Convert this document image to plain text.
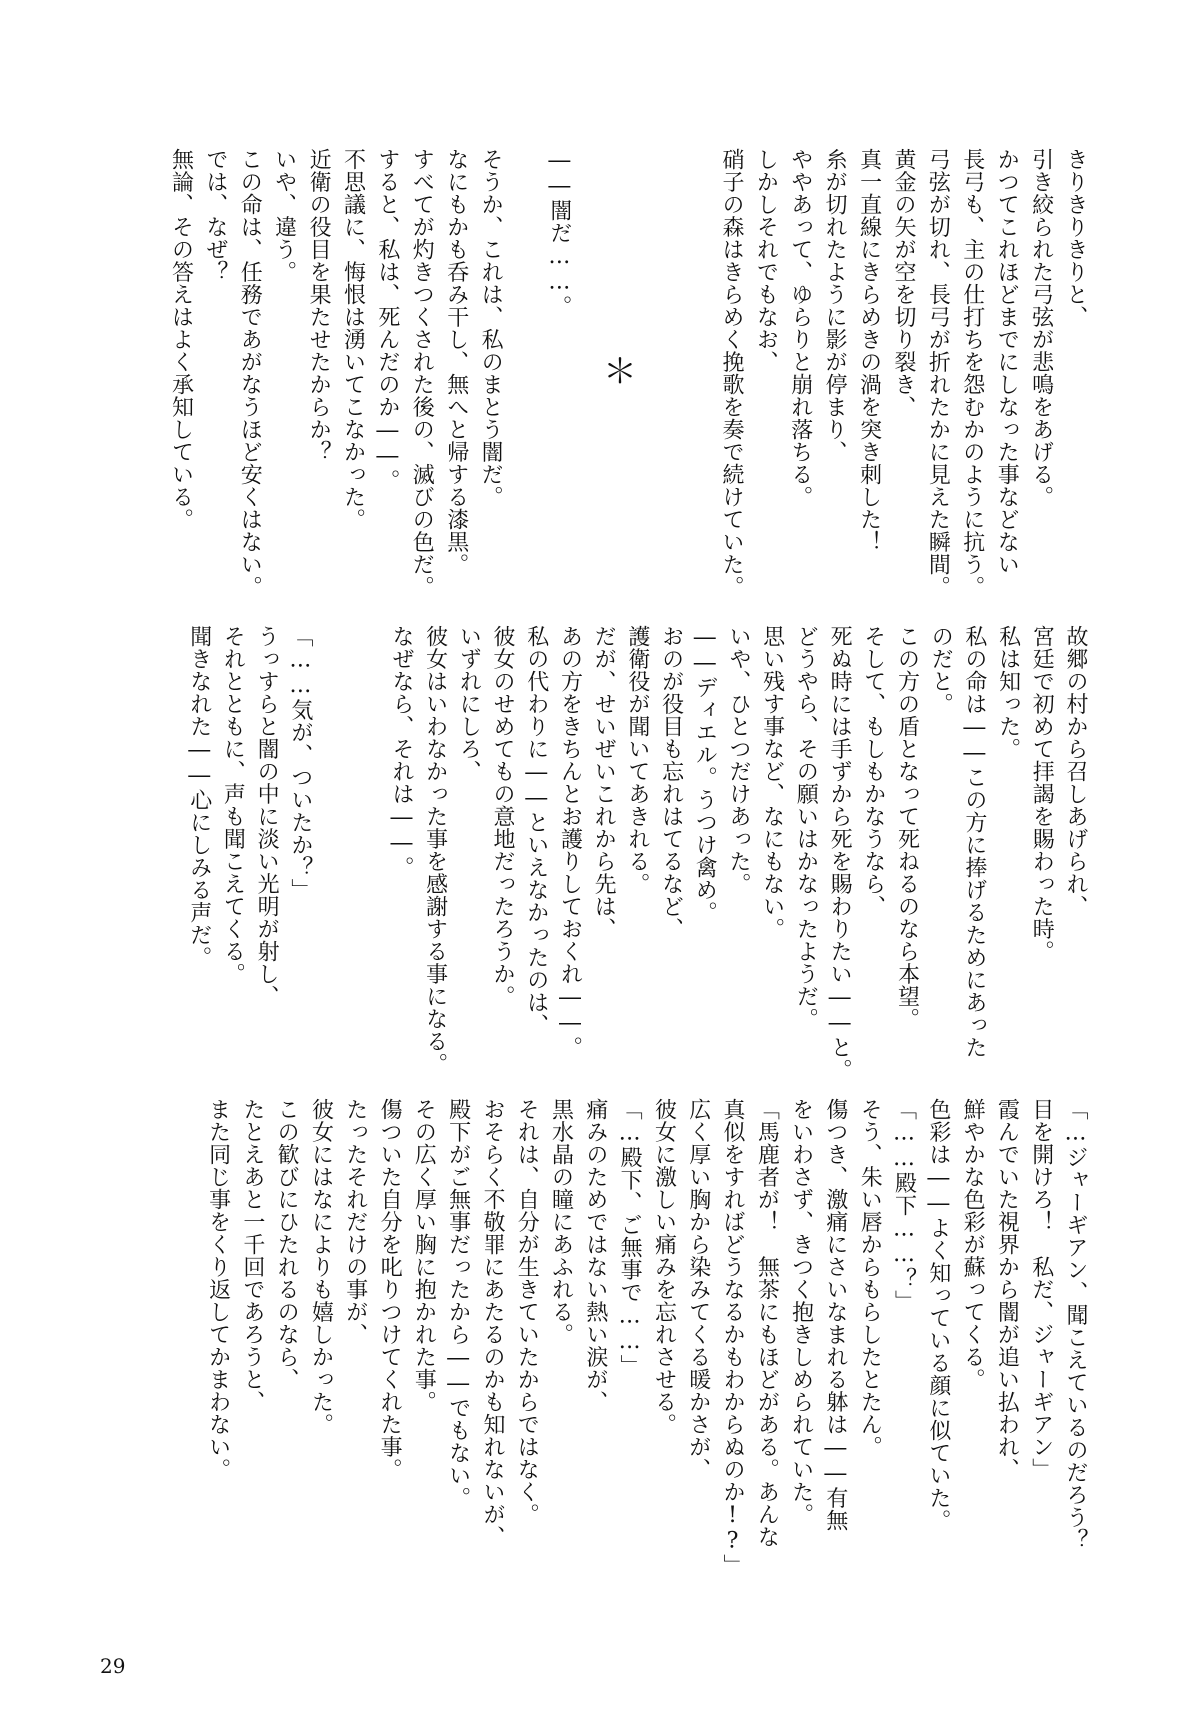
きりきりきりと、
引き絞られた弓弦が悲鳴をあげる。
かつてこれほどまでにしなった事などない
長弓も、主の仕打ちを怨むかのように抗う。
弓弦が切れ、長弓が折れたかに見えた瞬間。
黄金の矢が空を切り裂き、
真一直線にきらめきの渦を突き刺した！
糸が切れたように影が停まり、
ややあって、ゆらりと崩れ落ちる。
しかしそれでもなお、
硝子の森はきらめく挽歌を奏で続けていた。

――闇だ……。

そうか、これは、私のまとう闇だ。
なにもかも呑み干し、無へと帰する漆黒。
すべてが灼きつくされた後の、滅びの色だ。
すると、私は、死んだのか――。
不思議に、悔恨は湧いてこなかった。
近衛の役目を果たせたからか？
いや、違う。
この命は、任務であがなうほど安くはない。
では、なぜ？
無論、その答えはよく承知している。	＊
故郷の村から召しあげられ、
宮廷で初めて拝謁を賜わった時。
私は知った。
私の命は――この方に捧げるためにあった
のだと。
この方の盾となって死ねるのなら本望。
そして、もしもかなうなら、
死ぬ時には手ずから死を賜わりたい――と。
どうやら、その願いはかなったようだ。
思い残す事など、なにもない。
いや、ひとつだけあった。
――ディエル。うつけ禽め。
おのが役目も忘れはてるなど、
護衛役が聞いてあきれる。
だが、せいぜいこれから先は、
あの方をきちんとお護りしておくれ――。
私の代わりに――といえなかったのは、
彼女のせめてもの意地だったろうか。
いずれにしろ、
彼女はいわなかった事を感謝する事になる。
なぜなら、それは――。

「……気が、ついたか？」
うっすらと闇の中に淡い光明が射し、
それとともに、声も聞こえてくる。
聞きなれた――心にしみる声だ。

「…ジャーギアン、聞こえているのだろう？
目を開けろ！　私だ、ジャーギアン」
霞んでいた視界から闇が追い払われ、
鮮やかな色彩が蘇ってくる。
色彩は――よく知っている顔に似ていた。
「……殿下……？」
そう、朱い唇からもらしたとたん。
傷つき、激痛にさいなまれる躰は――有無
をいわさず、きつく抱きしめられていた。
「馬鹿者が！　無茶にもほどがある。あんな
真似をすればどうなるかもわからぬのか!?」
広く厚い胸から染みてくる暖かさが、
彼女に激しい痛みを忘れさせる。
「…殿下、ご無事で……」
痛みのためではない熱い涙が、
黒水晶の瞳にあふれる。
それは、自分が生きていたからではなく。
おそらく不敬罪にあたるのかも知れないが、
殿下がご無事だったから――でもない。
その広く厚い胸に抱かれた事。
傷ついた自分を叱りつけてくれた事。
たったそれだけの事が、
彼女にはなによりも嬉しかった。
この歓びにひたれるのなら、
たとえあと一千回であろうと、
また同じ事をくり返してかまわない。

29
